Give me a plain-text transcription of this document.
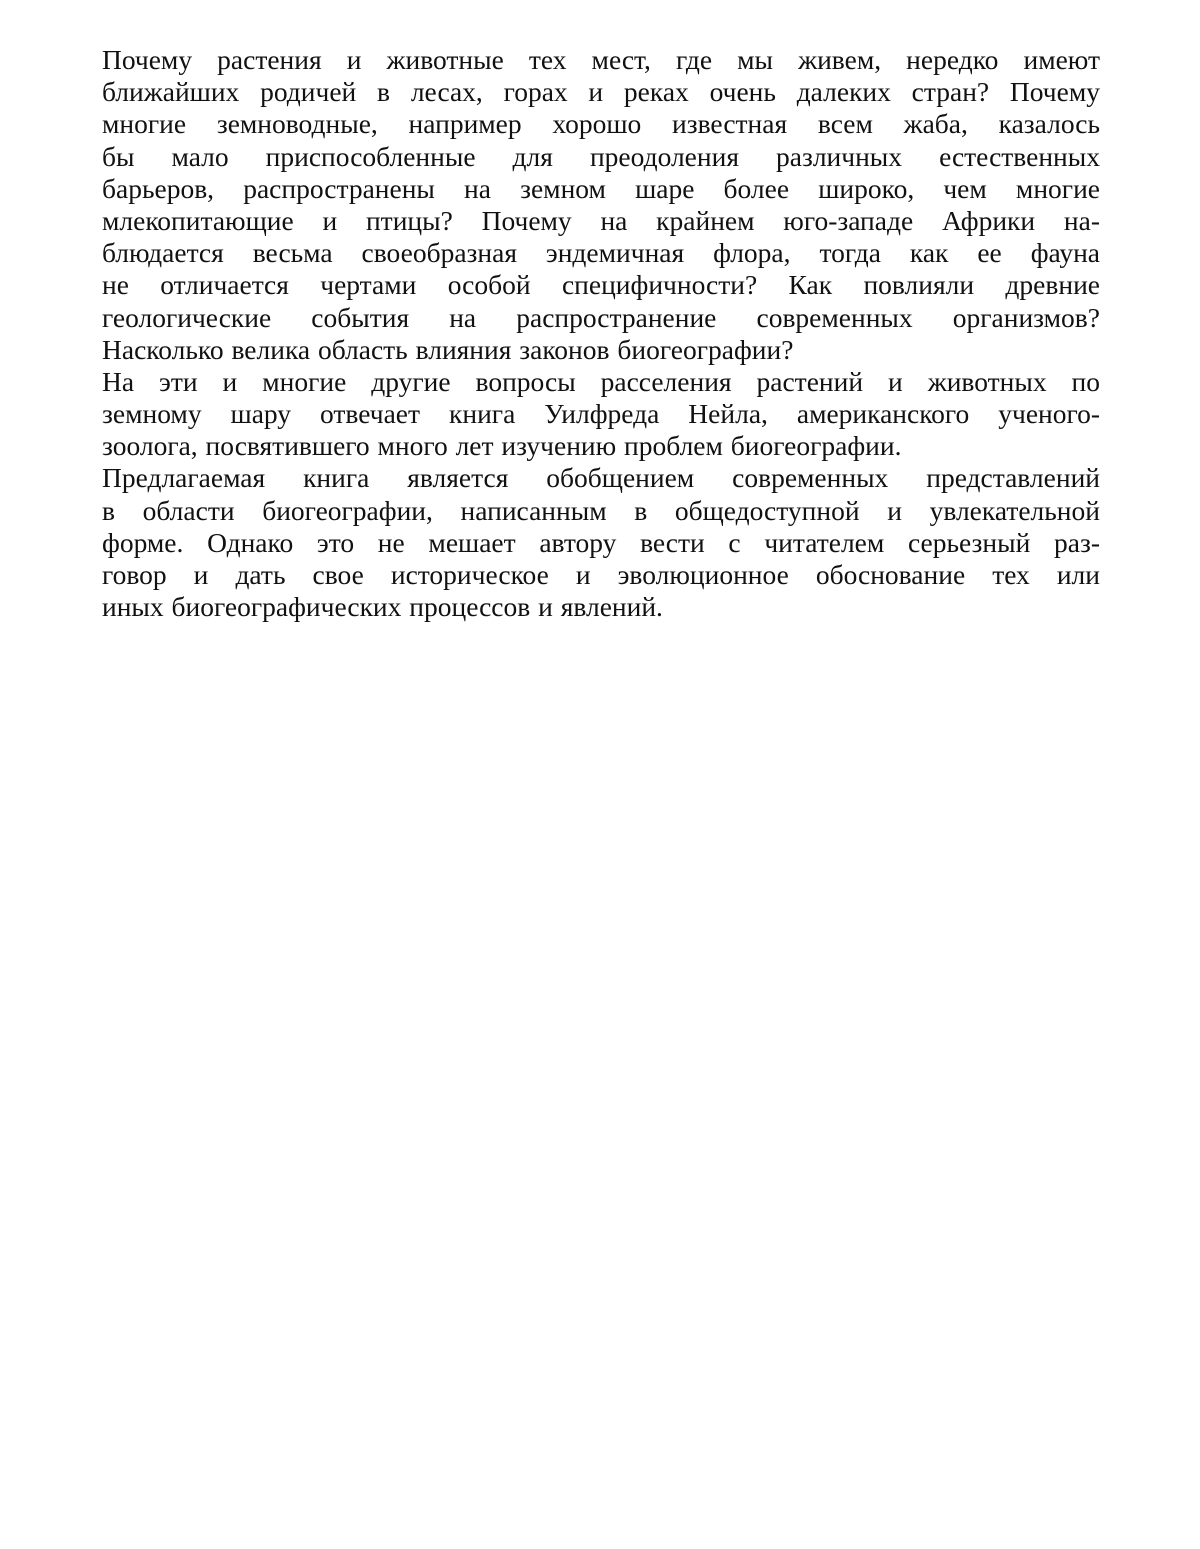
Почему растения и животные тех мест, где мы живем, нередко имеют
ближайших родичей в лесах, горах и реках очень далеких стран? Почему
многие земноводные, например хорошо известная всем жаба, казалось
бы мало приспособленные для преодоления различных естественных
барьеров, распространены на земном шаре более широко, чем многие
млекопитающие и птицы? Почему на крайнем юго-западе Африки на-
блюдается весьма своеобразная эндемичная флора, тогда как ее фауна
не отличается чертами особой специфичности? Как повлияли древние
геологические события на распространение современных организмов?
Насколько велика область влияния законов биогеографии?

На эти и многие другие вопросы расселения растений и животных по
земному шару отвечает книга Уилфреда Нейла, американского ученого-
зоолога, посвятившего много лет изучению проблем биогеографии.

Предлагаемая книга является обобщением современных представлений
в области биогеографии, написанным в общедоступной и увлекательной
форме. Однако это не мешает автору вести с читателем серьезный раз-
говор и дать свое историческое и эволюционное обоснование тех или
иных биогеографических процессов и явлений.
